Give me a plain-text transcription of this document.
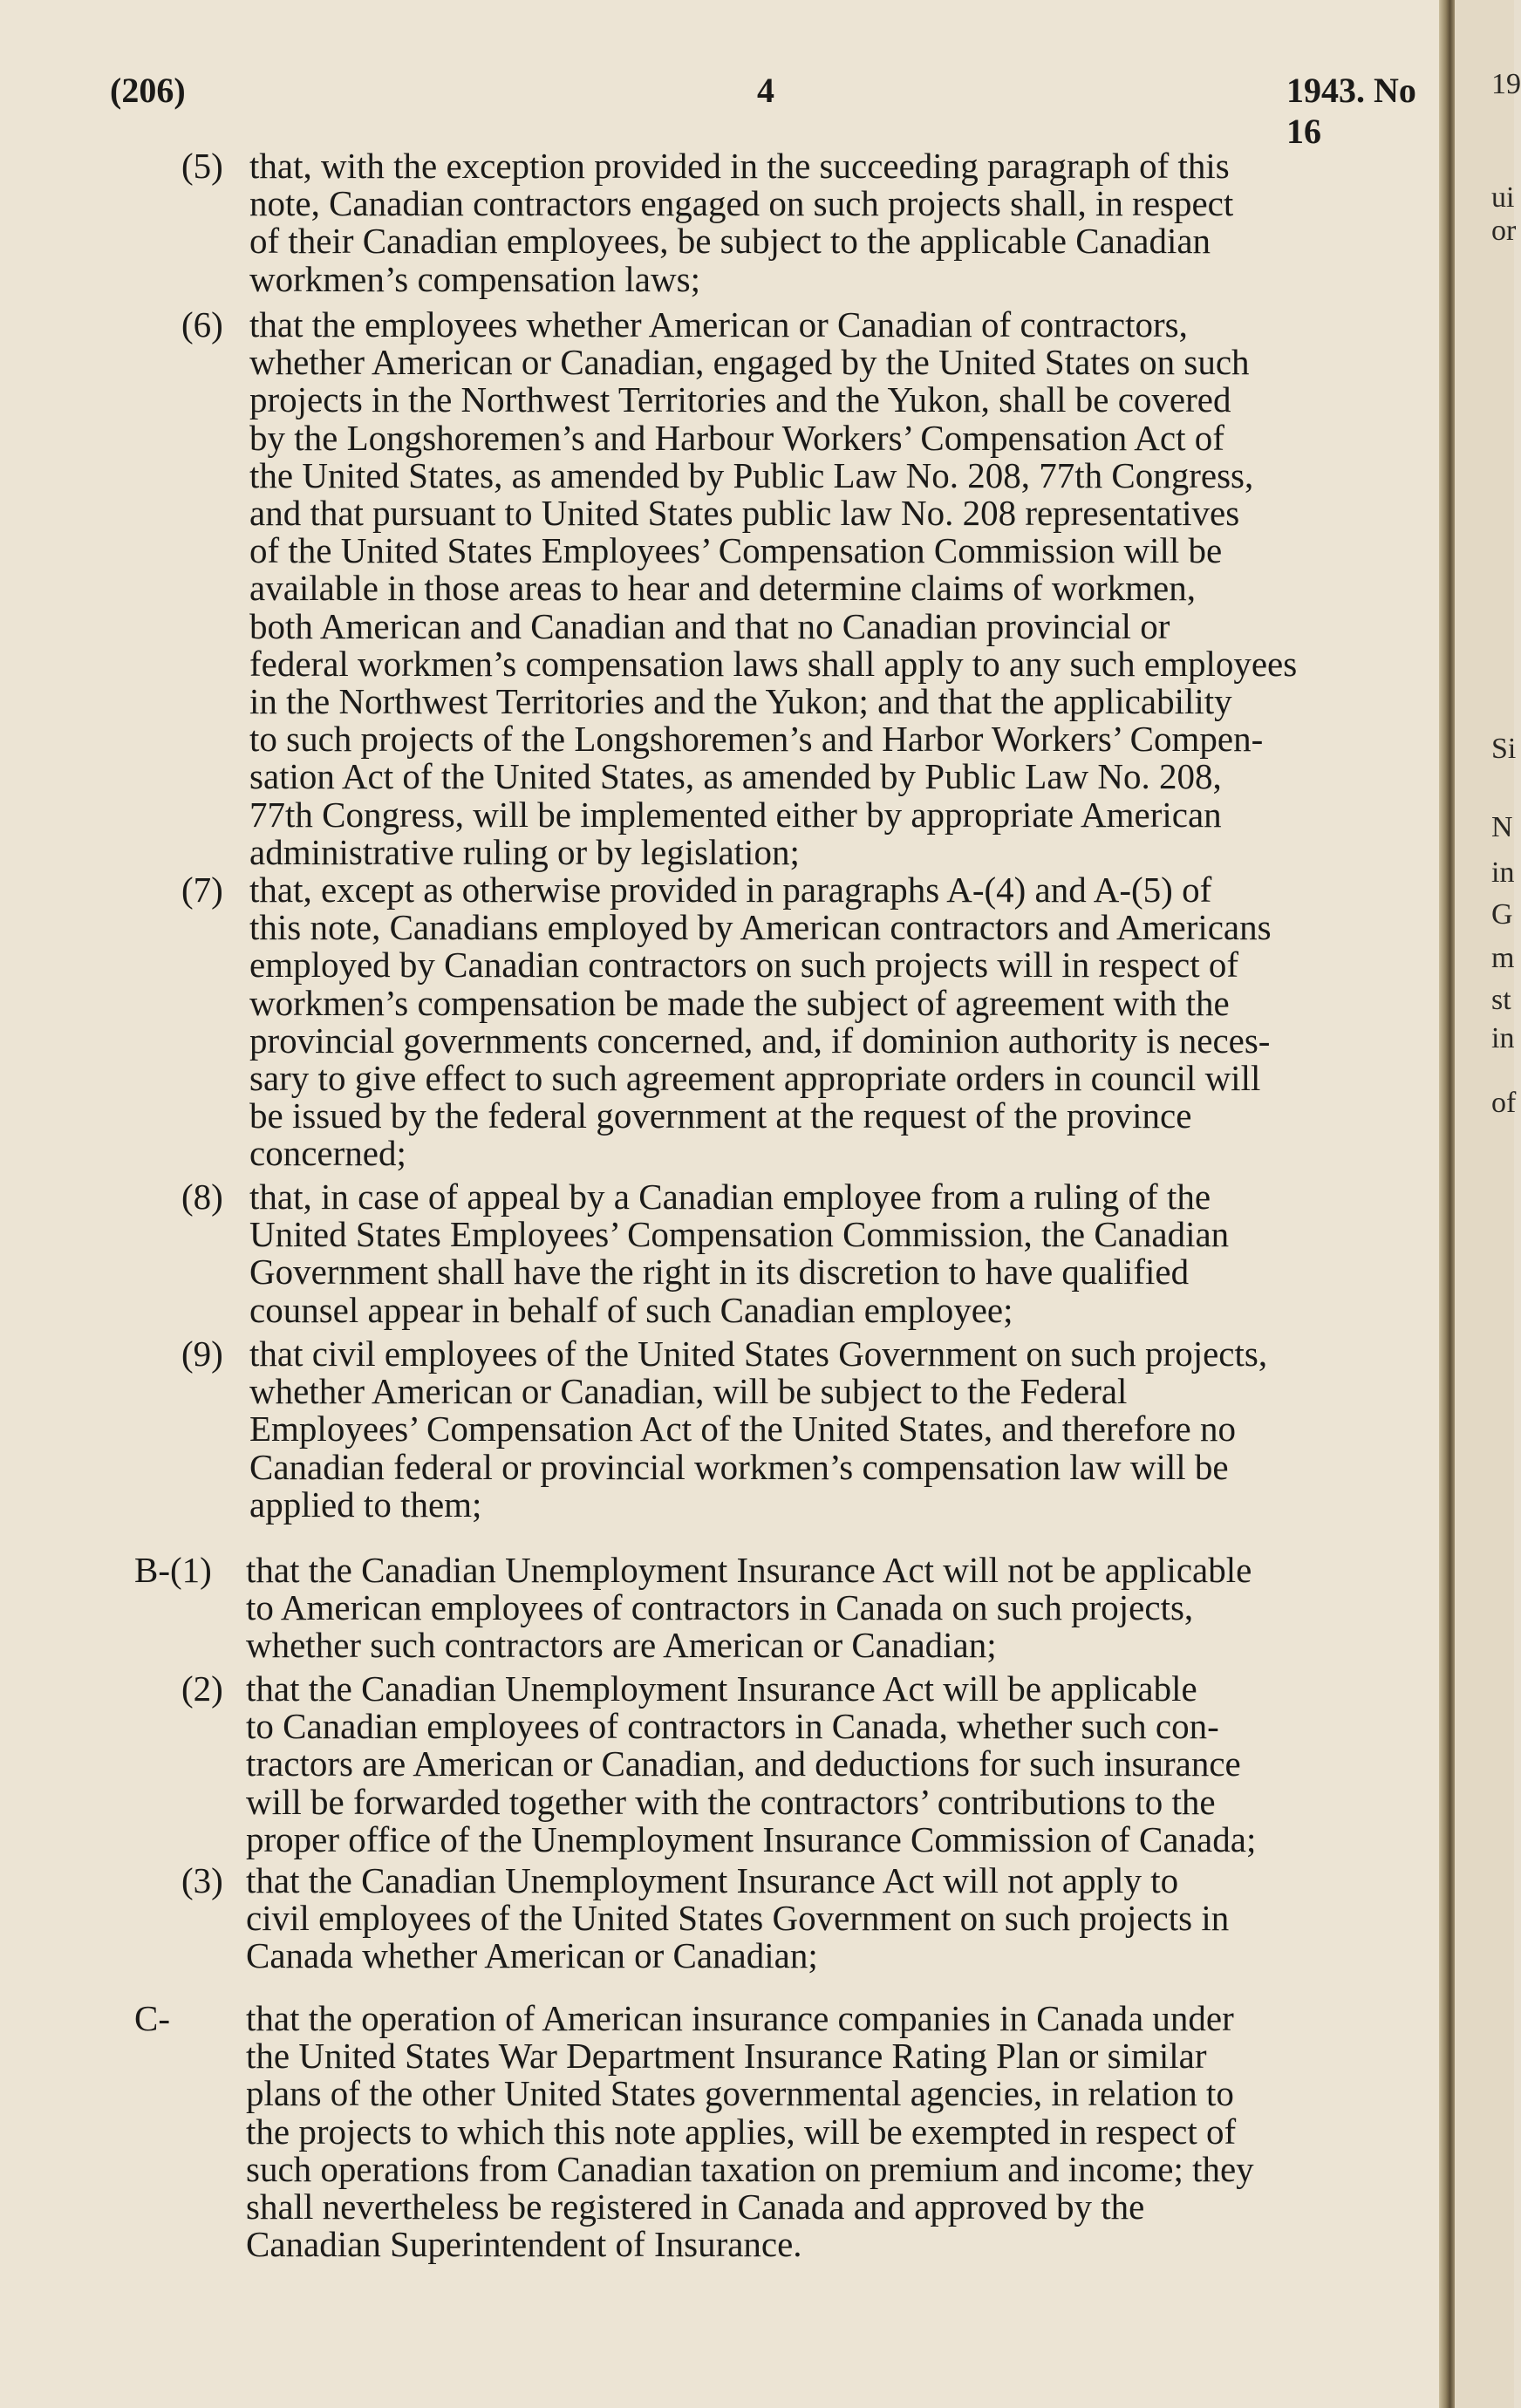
(206)	4	1943. No 16
(5) that, with the exception provided in the succeeding paragraph of this
note, Canadian contractors engaged on such projects shall, in respect
of their Canadian employees, be subject to the applicable Canadian
workmen’s compensation laws;
(6) that the employees whether American or Canadian of contractors,
whether American or Canadian, engaged by the United States on such
projects in the Northwest Territories and the Yukon, shall be covered
by the Longshoremen’s and Harbour Workers’ Compensation Act of
the United States, as amended by Public Law No. 208, 77th Congress,
and that pursuant to United States public law No. 208 representatives
of the United States Employees’ Compensation Commission will be
available in those areas to hear and determine claims of workmen,
both American and Canadian and that no Canadian provincial or
federal workmen’s compensation laws shall apply to any such employees
in the Northwest Territories and the Yukon; and that the applicability
to such projects of the Longshoremen’s and Harbor Workers’ Compen-
sation Act of the United States, as amended by Public Law No. 208,
77th Congress, will be implemented either by appropriate American
administrative ruling or by legislation;
(7) that, except as otherwise provided in paragraphs A-(4) and A-(5) of
this note, Canadians employed by American contractors and Americans
employed by Canadian contractors on such projects will in respect of
workmen’s compensation be made the subject of agreement with the
provincial governments concerned, and, if dominion authority is neces-
sary to give effect to such agreement appropriate orders in council will
be issued by the federal government at the request of the province
concerned;
(8) that, in case of appeal by a Canadian employee from a ruling of the
United States Employees’ Compensation Commission, the Canadian
Government shall have the right in its discretion to have qualified
counsel appear in behalf of such Canadian employee;
(9) that civil employees of the United States Government on such projects,
whether American or Canadian, will be subject to the Federal
Employees’ Compensation Act of the United States, and therefore no
Canadian federal or provincial workmen’s compensation law will be
applied to them;
B-(1) that the Canadian Unemployment Insurance Act will not be applicable
to American employees of contractors in Canada on such projects,
whether such contractors are American or Canadian;
(2) that the Canadian Unemployment Insurance Act will be applicable
to Canadian employees of contractors in Canada, whether such con-
tractors are American or Canadian, and deductions for such insurance
will be forwarded together with the contractors’ contributions to the
proper office of the Unemployment Insurance Commission of Canada;
(3) that the Canadian Unemployment Insurance Act will not apply to
civil employees of the United States Government on such projects in
Canada whether American or Canadian;
C- that the operation of American insurance companies in Canada under
the United States War Department Insurance Rating Plan or similar
plans of the other United States governmental agencies, in relation to
the projects to which this note applies, will be exempted in respect of
such operations from Canadian taxation on premium and income; they
shall nevertheless be registered in Canada and approved by the
Canadian Superintendent of Insurance.
19
ui
or
Si
N
in
G
m
st
in
of
